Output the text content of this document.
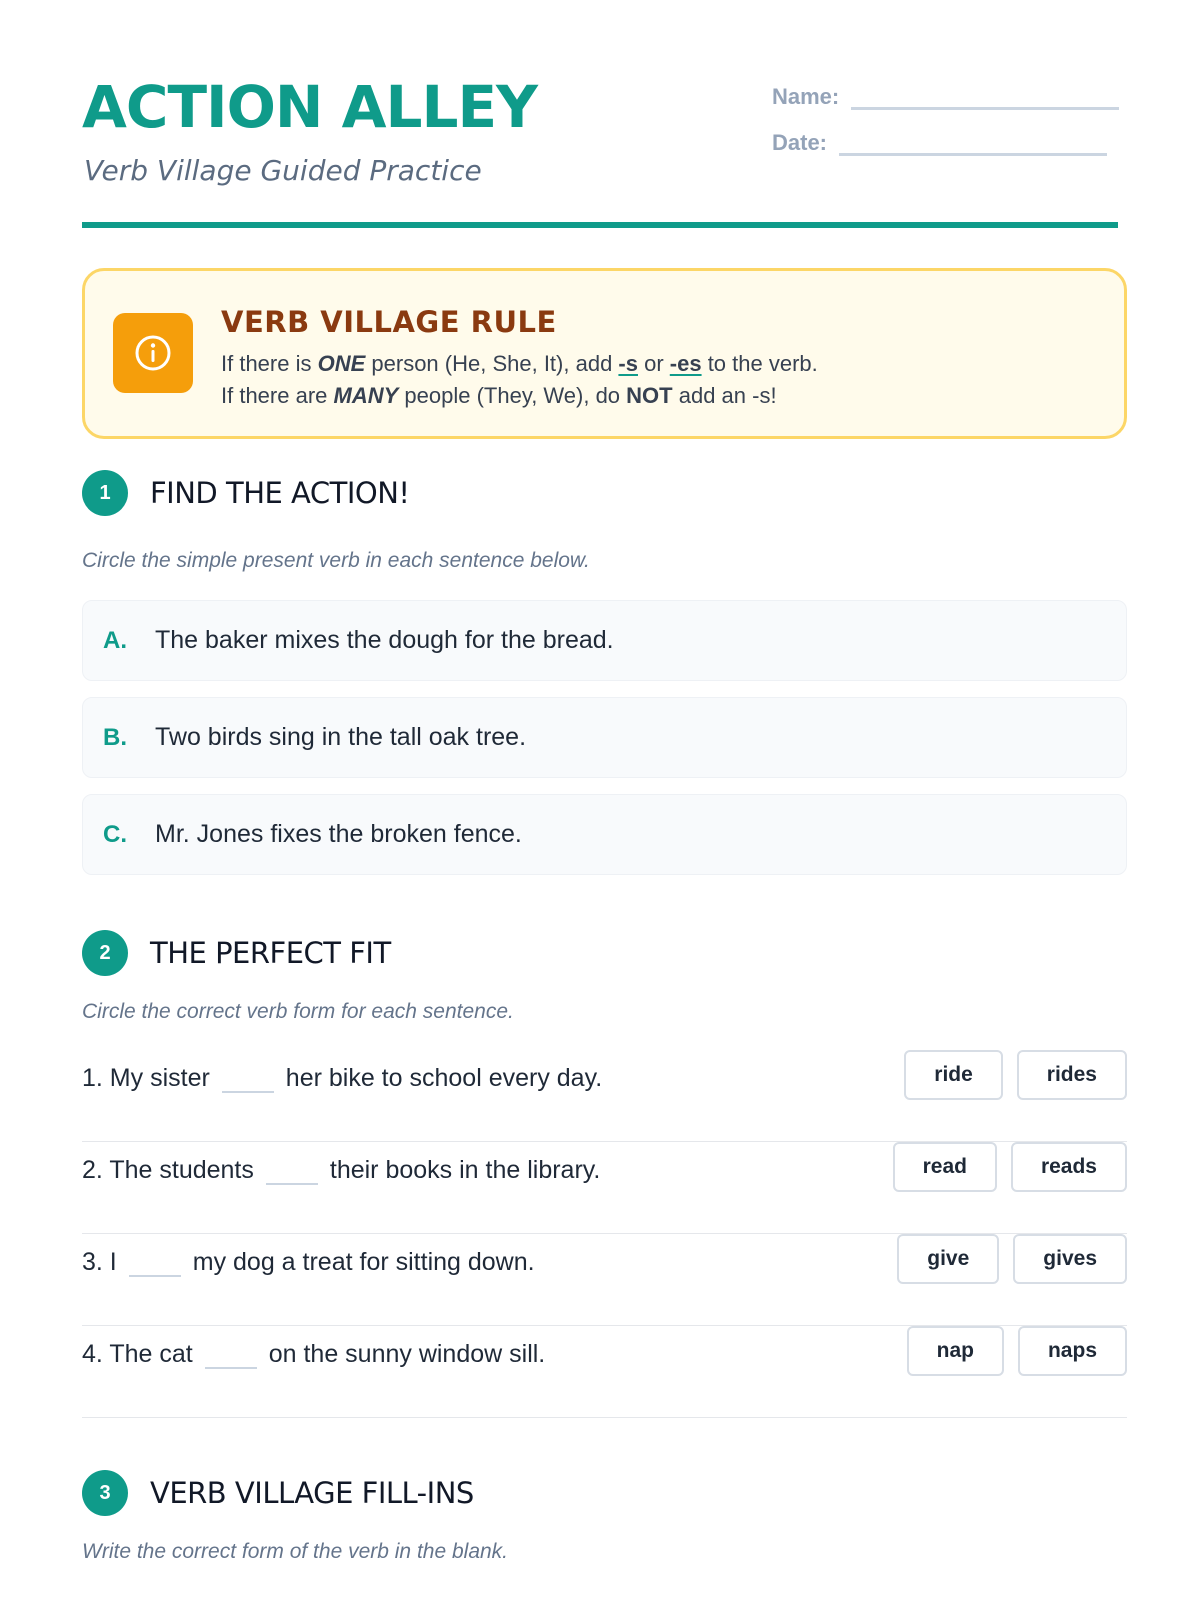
ACTION ALLEY
Verb Village Guided Practice
Name:
Date:
VERB VILLAGE RULE
If there is ONE person (He, She, It), add -s or -es to the verb.
If there are MANY people (They, We), do NOT add an -s!
1	FIND THE ACTION!
Circle the simple present verb in each sentence below.
A.	The baker mixes the dough for the bread.
B.	Two birds sing in the tall oak tree.
C.	Mr. Jones fixes the broken fence.
2	THE PERFECT FIT
Circle the correct verb form for each sentence.
1. My sister	her bike to school every day.	ride	rides
2. The students	their books in the library.	read	reads
3. I	my dog a treat for sitting down.	give	gives
4. The cat	on the sunny window sill.	nap	naps
3	VERB VILLAGE FILL-INS
Write the correct form of the verb in the blank.
